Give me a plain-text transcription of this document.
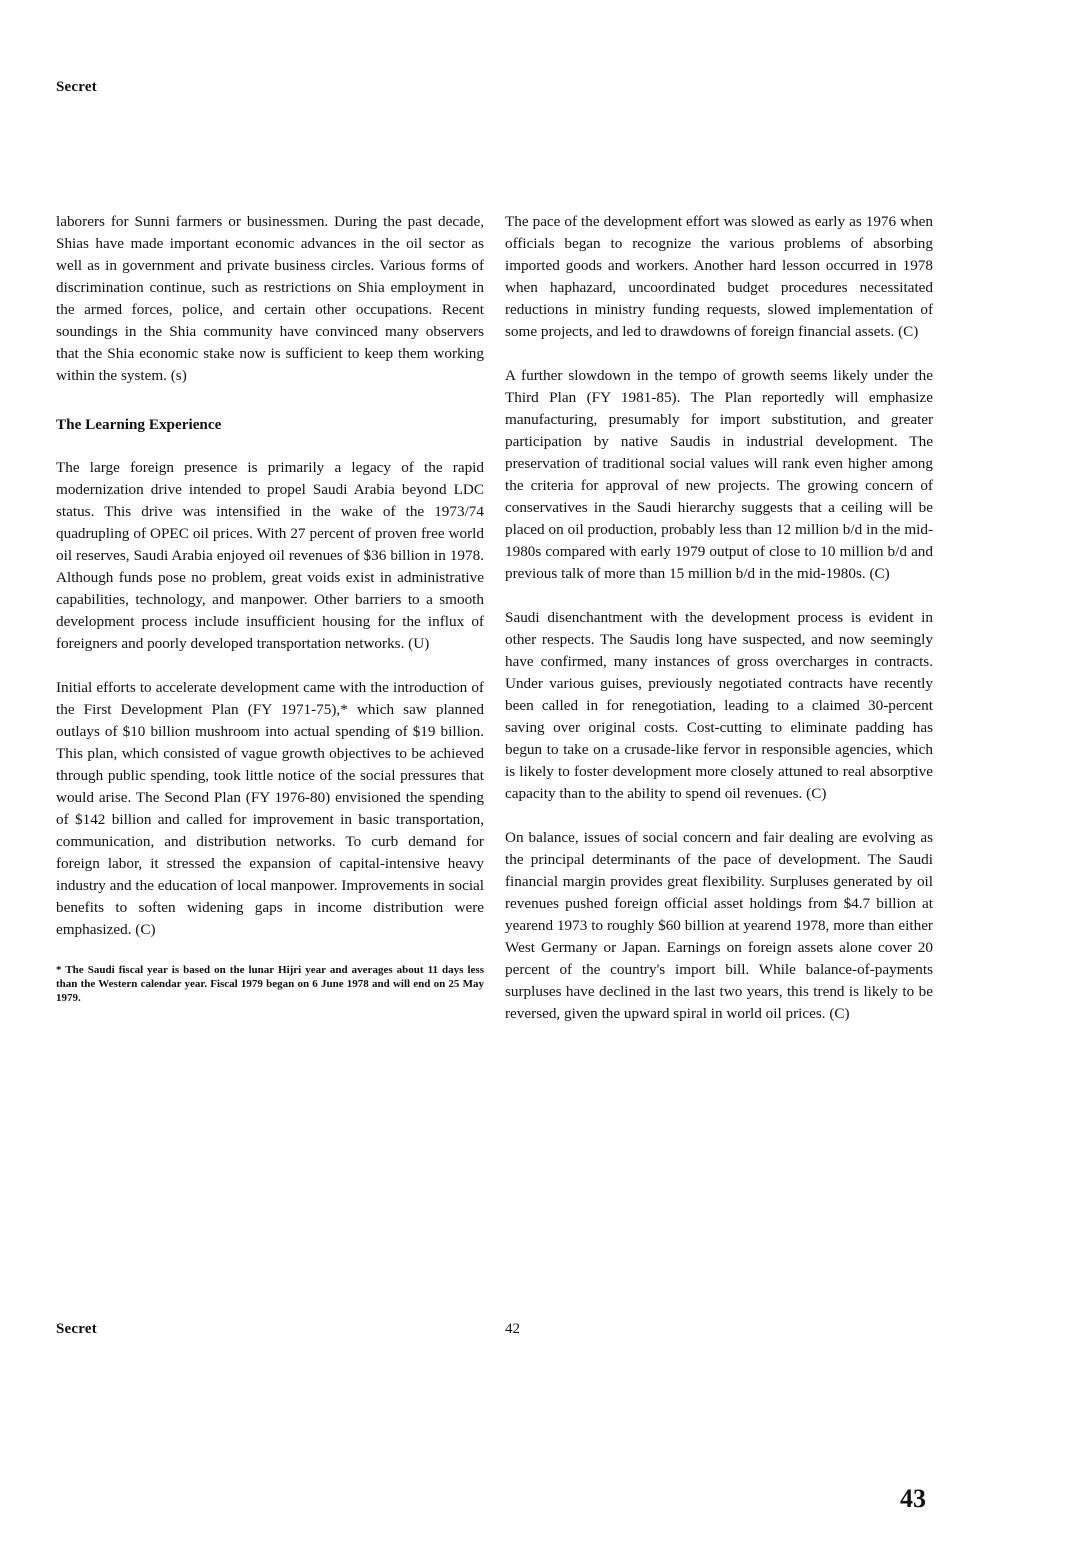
Secret

laborers for Sunni farmers or businessmen. During the past decade, Shias have made important economic advances in the oil sector as well as in government and private business circles. Various forms of discrimination continue, such as restrictions on Shia employment in the armed forces, police, and certain other occupations. Recent soundings in the Shia community have convinced many observers that the Shia economic stake now is sufficient to keep them working within the system. (s)

The Learning Experience

The large foreign presence is primarily a legacy of the rapid modernization drive intended to propel Saudi Arabia beyond LDC status. This drive was intensified in the wake of the 1973/74 quadrupling of OPEC oil prices. With 27 percent of proven free world oil reserves, Saudi Arabia enjoyed oil revenues of $36 billion in 1978. Although funds pose no problem, great voids exist in administrative capabilities, technology, and manpower. Other barriers to a smooth development process include insufficient housing for the influx of foreigners and poorly developed transportation networks. (U)

Initial efforts to accelerate development came with the introduction of the First Development Plan (FY 1971-75),* which saw planned outlays of $10 billion mushroom into actual spending of $19 billion. This plan, which consisted of vague growth objectives to be achieved through public spending, took little notice of the social pressures that would arise. The Second Plan (FY 1976-80) envisioned the spending of $142 billion and called for improvement in basic transportation, communication, and distribution networks. To curb demand for foreign labor, it stressed the expansion of capital-intensive heavy industry and the education of local manpower. Improvements in social benefits to soften widening gaps in income distribution were emphasized. (C)

* The Saudi fiscal year is based on the lunar Hijri year and averages about 11 days less than the Western calendar year. Fiscal 1979 began on 6 June 1978 and will end on 25 May 1979.

The pace of the development effort was slowed as early as 1976 when officials began to recognize the various problems of absorbing imported goods and workers. Another hard lesson occurred in 1978 when haphazard, uncoordinated budget procedures necessitated reductions in ministry funding requests, slowed implementation of some projects, and led to drawdowns of foreign financial assets. (C)

A further slowdown in the tempo of growth seems likely under the Third Plan (FY 1981-85). The Plan reportedly will emphasize manufacturing, presumably for import substitution, and greater participation by native Saudis in industrial development. The preservation of traditional social values will rank even higher among the criteria for approval of new projects. The growing concern of conservatives in the Saudi hierarchy suggests that a ceiling will be placed on oil production, probably less than 12 million b/d in the mid-1980s compared with early 1979 output of close to 10 million b/d and previous talk of more than 15 million b/d in the mid-1980s. (C)

Saudi disenchantment with the development process is evident in other respects. The Saudis long have suspected, and now seemingly have confirmed, many instances of gross overcharges in contracts. Under various guises, previously negotiated contracts have recently been called in for renegotiation, leading to a claimed 30-percent saving over original costs. Cost-cutting to eliminate padding has begun to take on a crusade-like fervor in responsible agencies, which is likely to foster development more closely attuned to real absorptive capacity than to the ability to spend oil revenues. (C)

On balance, issues of social concern and fair dealing are evolving as the principal determinants of the pace of development. The Saudi financial margin provides great flexibility. Surpluses generated by oil revenues pushed foreign official asset holdings from $4.7 billion at yearend 1973 to roughly $60 billion at yearend 1978, more than either West Germany or Japan. Earnings on foreign assets alone cover 20 percent of the country's import bill. While balance-of-payments surpluses have declined in the last two years, this trend is likely to be reversed, given the upward spiral in world oil prices. (C)

Secret	42
43
